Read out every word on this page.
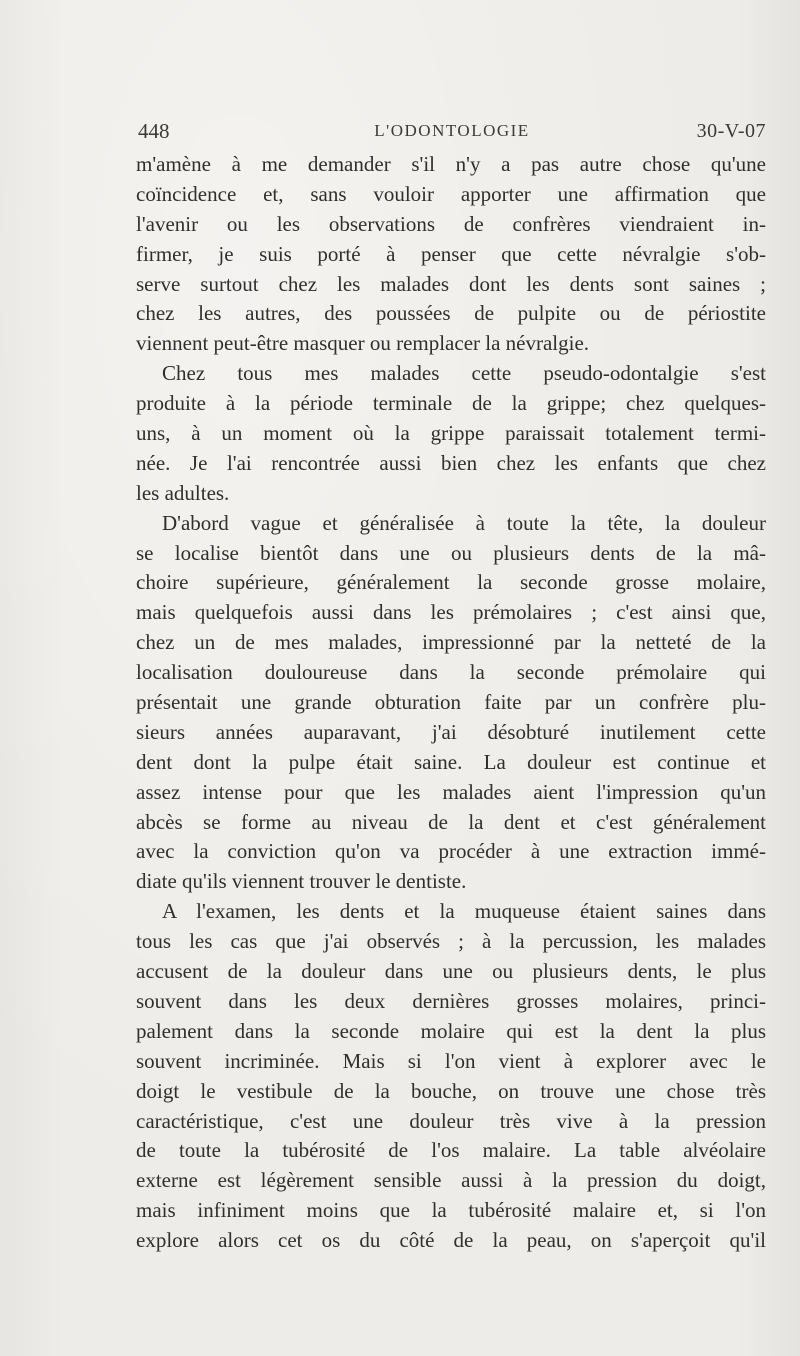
L'ODONTOLOGIE
448	30-V-07
m'amène à me demander s'il n'y a pas autre chose qu'une
coïncidence et, sans vouloir apporter une affirmation que
l'avenir ou les observations de confrères viendraient in-
firmer, je suis porté à penser que cette névralgie s'ob-
serve surtout chez les malades dont les dents sont saines ;
chez les autres, des poussées de pulpite ou de périostite
viennent peut-être masquer ou remplacer la névralgie.
Chez tous mes malades cette pseudo-odontalgie s'est
produite à la période terminale de la grippe; chez quelques-
uns, à un moment où la grippe paraissait totalement termi-
née. Je l'ai rencontrée aussi bien chez les enfants que chez
les adultes.
D'abord vague et généralisée à toute la tête, la douleur
se localise bientôt dans une ou plusieurs dents de la mâ-
choire supérieure, généralement la seconde grosse molaire,
mais quelquefois aussi dans les prémolaires ; c'est ainsi que,
chez un de mes malades, impressionné par la netteté de la
localisation douloureuse dans la seconde prémolaire qui
présentait une grande obturation faite par un confrère plu-
sieurs années auparavant, j'ai désobturé inutilement cette
dent dont la pulpe était saine. La douleur est continue et
assez intense pour que les malades aient l'impression qu'un
abcès se forme au niveau de la dent et c'est généralement
avec la conviction qu'on va procéder à une extraction immé-
diate qu'ils viennent trouver le dentiste.
A l'examen, les dents et la muqueuse étaient saines dans
tous les cas que j'ai observés ; à la percussion, les malades
accusent de la douleur dans une ou plusieurs dents, le plus
souvent dans les deux dernières grosses molaires, princi-
palement dans la seconde molaire qui est la dent la plus
souvent incriminée. Mais si l'on vient à explorer avec le
doigt le vestibule de la bouche, on trouve une chose très
caractéristique, c'est une douleur très vive à la pression
de toute la tubérosité de l'os malaire. La table alvéolaire
externe est légèrement sensible aussi à la pression du doigt,
mais infiniment moins que la tubérosité malaire et, si l'on
explore alors cet os du côté de la peau, on s'aperçoit qu'il
